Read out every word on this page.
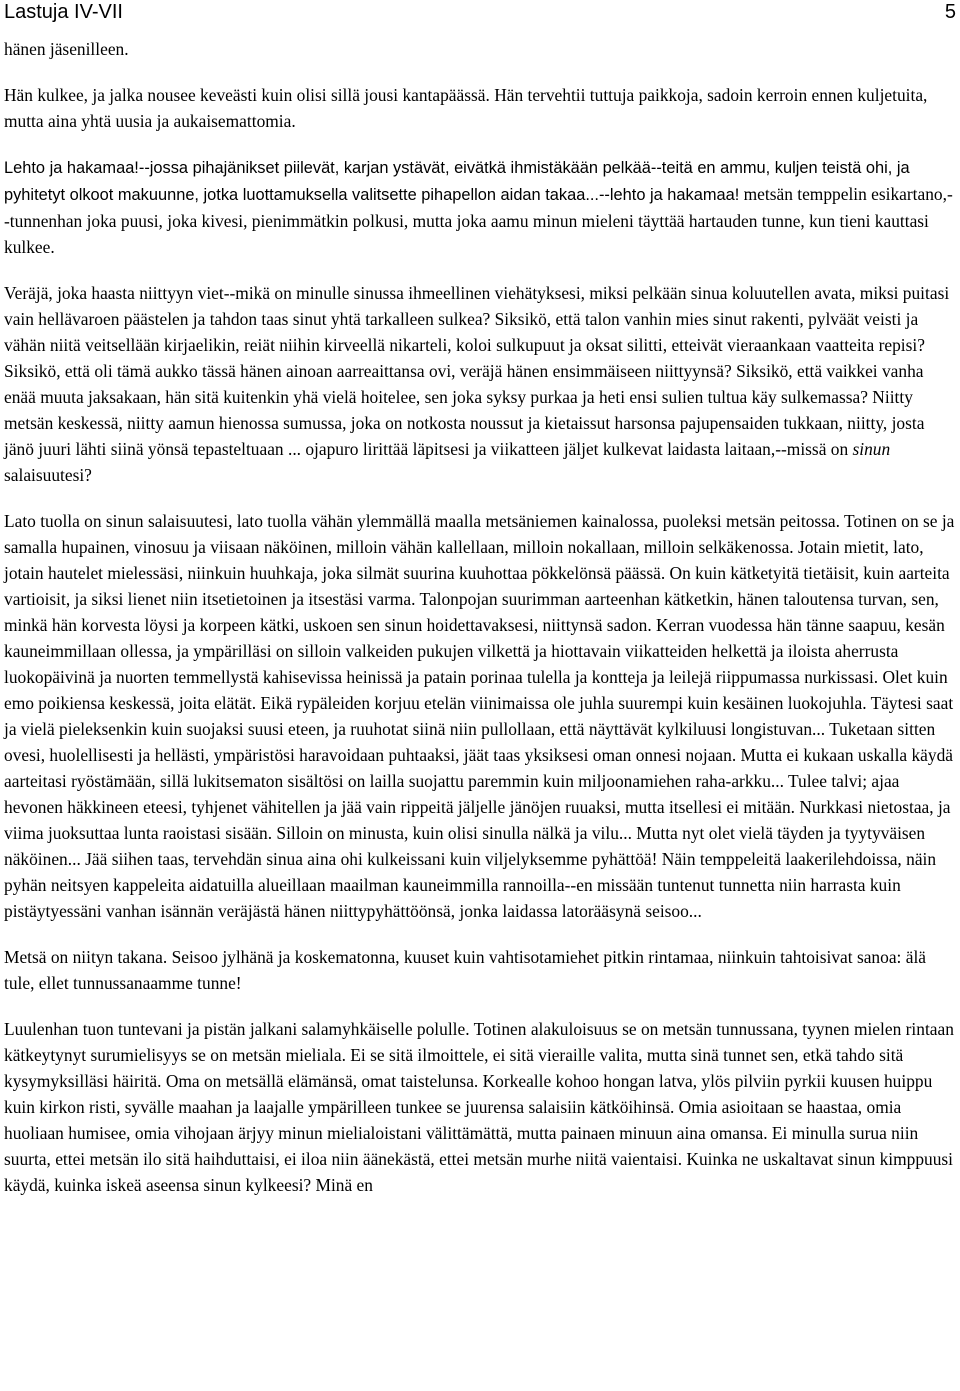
Lastuja IV-VII	5

hänen jäsenilleen.

Hän kulkee, ja jalka nousee keveästi kuin olisi sillä jousi kantapäässä. Hän tervehtii tuttuja paikkoja, sadoin kerroin ennen kuljetuita, mutta aina yhtä uusia ja aukaisemattomia.

Lehto ja hakamaa!--jossa pihajänikset piilevät, karjan ystävät, eivätkä ihmistäkään pelkää--teitä en ammu, kuljen teistä ohi, ja pyhitetyt olkoot makuunne, jotka luottamuksella valitsette pihapellon aidan takaa...--lehto ja hakamaa! metsän temppelin esikartano,--tunnenhan joka puusi, joka kivesi, pienimmätkin polkusi, mutta joka aamu minun mieleni täyttää hartauden tunne, kun tieni kauttasi kulkee.

Veräjä, joka haasta niittyyn viet--mikä on minulle sinussa ihmeellinen viehätyksesi, miksi pelkään sinua koluutellen avata, miksi puitasi vain hellävaroen päästelen ja tahdon taas sinut yhtä tarkalleen sulkea? Siksikö, että talon vanhin mies sinut rakenti, pylväät veisti ja vähän niitä veitsellään kirjaelikin, reiät niihin kirveellä nikarteli, koloi sulkupuut ja oksat silitti, etteivät vieraankaan vaatteita repisi? Siksikö, että oli tämä aukko tässä hänen ainoan aarreaittansa ovi, veräjä hänen ensimmäiseen niittyynsä? Siksikö, että vaikkei vanha enää muuta jaksakaan, hän sitä kuitenkin yhä vielä hoitelee, sen joka syksy purkaa ja heti ensi sulien tultua käy sulkemassa? Niitty metsän keskessä, niitty aamun hienossa sumussa, joka on notkosta noussut ja kietaissut harsonsa pajupensaiden tukkaan, niitty, josta jänö juuri lähti siinä yönsä tepasteltuaan ... ojapuro lirittää läpitsesi ja viikatteen jäljet kulkevat laidasta laitaan,--missä on sinun salaisuutesi?

Lato tuolla on sinun salaisuutesi, lato tuolla vähän ylemmällä maalla metsäniemen kainalossa, puoleksi metsän peitossa. Totinen on se ja samalla hupainen, vinosuu ja viisaan näköinen, milloin vähän kallellaan, milloin nokallaan, milloin selkäkenossa. Jotain mietit, lato, jotain hautelet mielessäsi, niinkuin huuhkaja, joka silmät suurina kuuhottaa pökkelönsä päässä. On kuin kätketyitä tietäisit, kuin aarteita vartioisit, ja siksi lienet niin itsetietoinen ja itsestäsi varma. Talonpojan suurimman aarteenhan kätketkin, hänen taloutensa turvan, sen, minkä hän korvesta löysi ja korpeen kätki, uskoen sen sinun hoidettavaksesi, niittynsä sadon. Kerran vuodessa hän tänne saapuu, kesän kauneimmillaan ollessa, ja ympärilläsi on silloin valkeiden pukujen vilkettä ja hiottavain viikatteiden helkettä ja iloista aherrusta luokopäivinä ja nuorten temmellystä kahisevissa heinissä ja patain porinaa tulella ja kontteja ja leilejä riippumassa nurkissasi. Olet kuin emo poikiensa keskessä, joita elätät. Eikä rypäleiden korjuu etelän viinimaissa ole juhla suurempi kuin kesäinen luokojuhla. Täytesi saat ja vielä pieleksenkin kuin suojaksi suusi eteen, ja ruuhotat siinä niin pullollaan, että näyttävät kylkiluusi longistuvan... Tuketaan sitten ovesi, huolellisesti ja hellästi, ympäristösi haravoidaan puhtaaksi, jäät taas yksiksesi oman onnesi nojaan. Mutta ei kukaan uskalla käydä aarteitasi ryöstämään, sillä lukitsematon sisältösi on lailla suojattu paremmin kuin miljoonamiehen raha-arkku... Tulee talvi; ajaa hevonen häkkineen eteesi, tyhjenet vähitellen ja jää vain rippeitä jäljelle jänöjen ruuaksi, mutta itsellesi ei mitään. Nurkkasi nietostaa, ja viima juoksuttaa lunta raoistasi sisään. Silloin on minusta, kuin olisi sinulla nälkä ja vilu... Mutta nyt olet vielä täyden ja tyytyväisen näköinen... Jää siihen taas, tervehdän sinua aina ohi kulkeissani kuin viljelyksemme pyhättöä! Näin temppeleitä laakerilehdoissa, näin pyhän neitsyen kappeleita aidatuilla alueillaan maailman kauneimmilla rannoilla--en missään tuntenut tunnetta niin harrasta kuin pistäytyessäni vanhan isännän veräjästä hänen niittypyhättöönsä, jonka laidassa latorääsynä seisoo...

Metsä on niityn takana. Seisoo jylhänä ja koskematonna, kuuset kuin vahtisotamiehet pitkin rintamaa, niinkuin tahtoisivat sanoa: älä tule, ellet tunnussanaamme tunne!

Luulenhan tuon tuntevani ja pistän jalkani salamyhkäiselle polulle. Totinen alakuloisuus se on metsän tunnussana, tyynen mielen rintaan kätkeytynyt surumielisyys se on metsän mieliala. Ei se sitä ilmoittele, ei sitä vieraille valita, mutta sinä tunnet sen, etkä tahdo sitä kysymyksilläsi häiritä. Oma on metsällä elämänsä, omat taistelunsa. Korkealle kohoo hongan latva, ylös pilviin pyrkii kuusen huippu kuin kirkon risti, syvälle maahan ja laajalle ympärilleen tunkee se juurensa salaisiin kätköihinsä. Omia asioitaan se haastaa, omia huoliaan humisee, omia vihojaan ärjyy minun mielialoistani välittämättä, mutta painaen minuun aina omansa. Ei minulla surua niin suurta, ettei metsän ilo sitä haihduttaisi, ei iloa niin äänekästä, ettei metsän murhe niitä vaientaisi. Kuinka ne uskaltavat sinun kimppuusi käydä, kuinka iskeä aseensa sinun kylkeesi? Minä en
